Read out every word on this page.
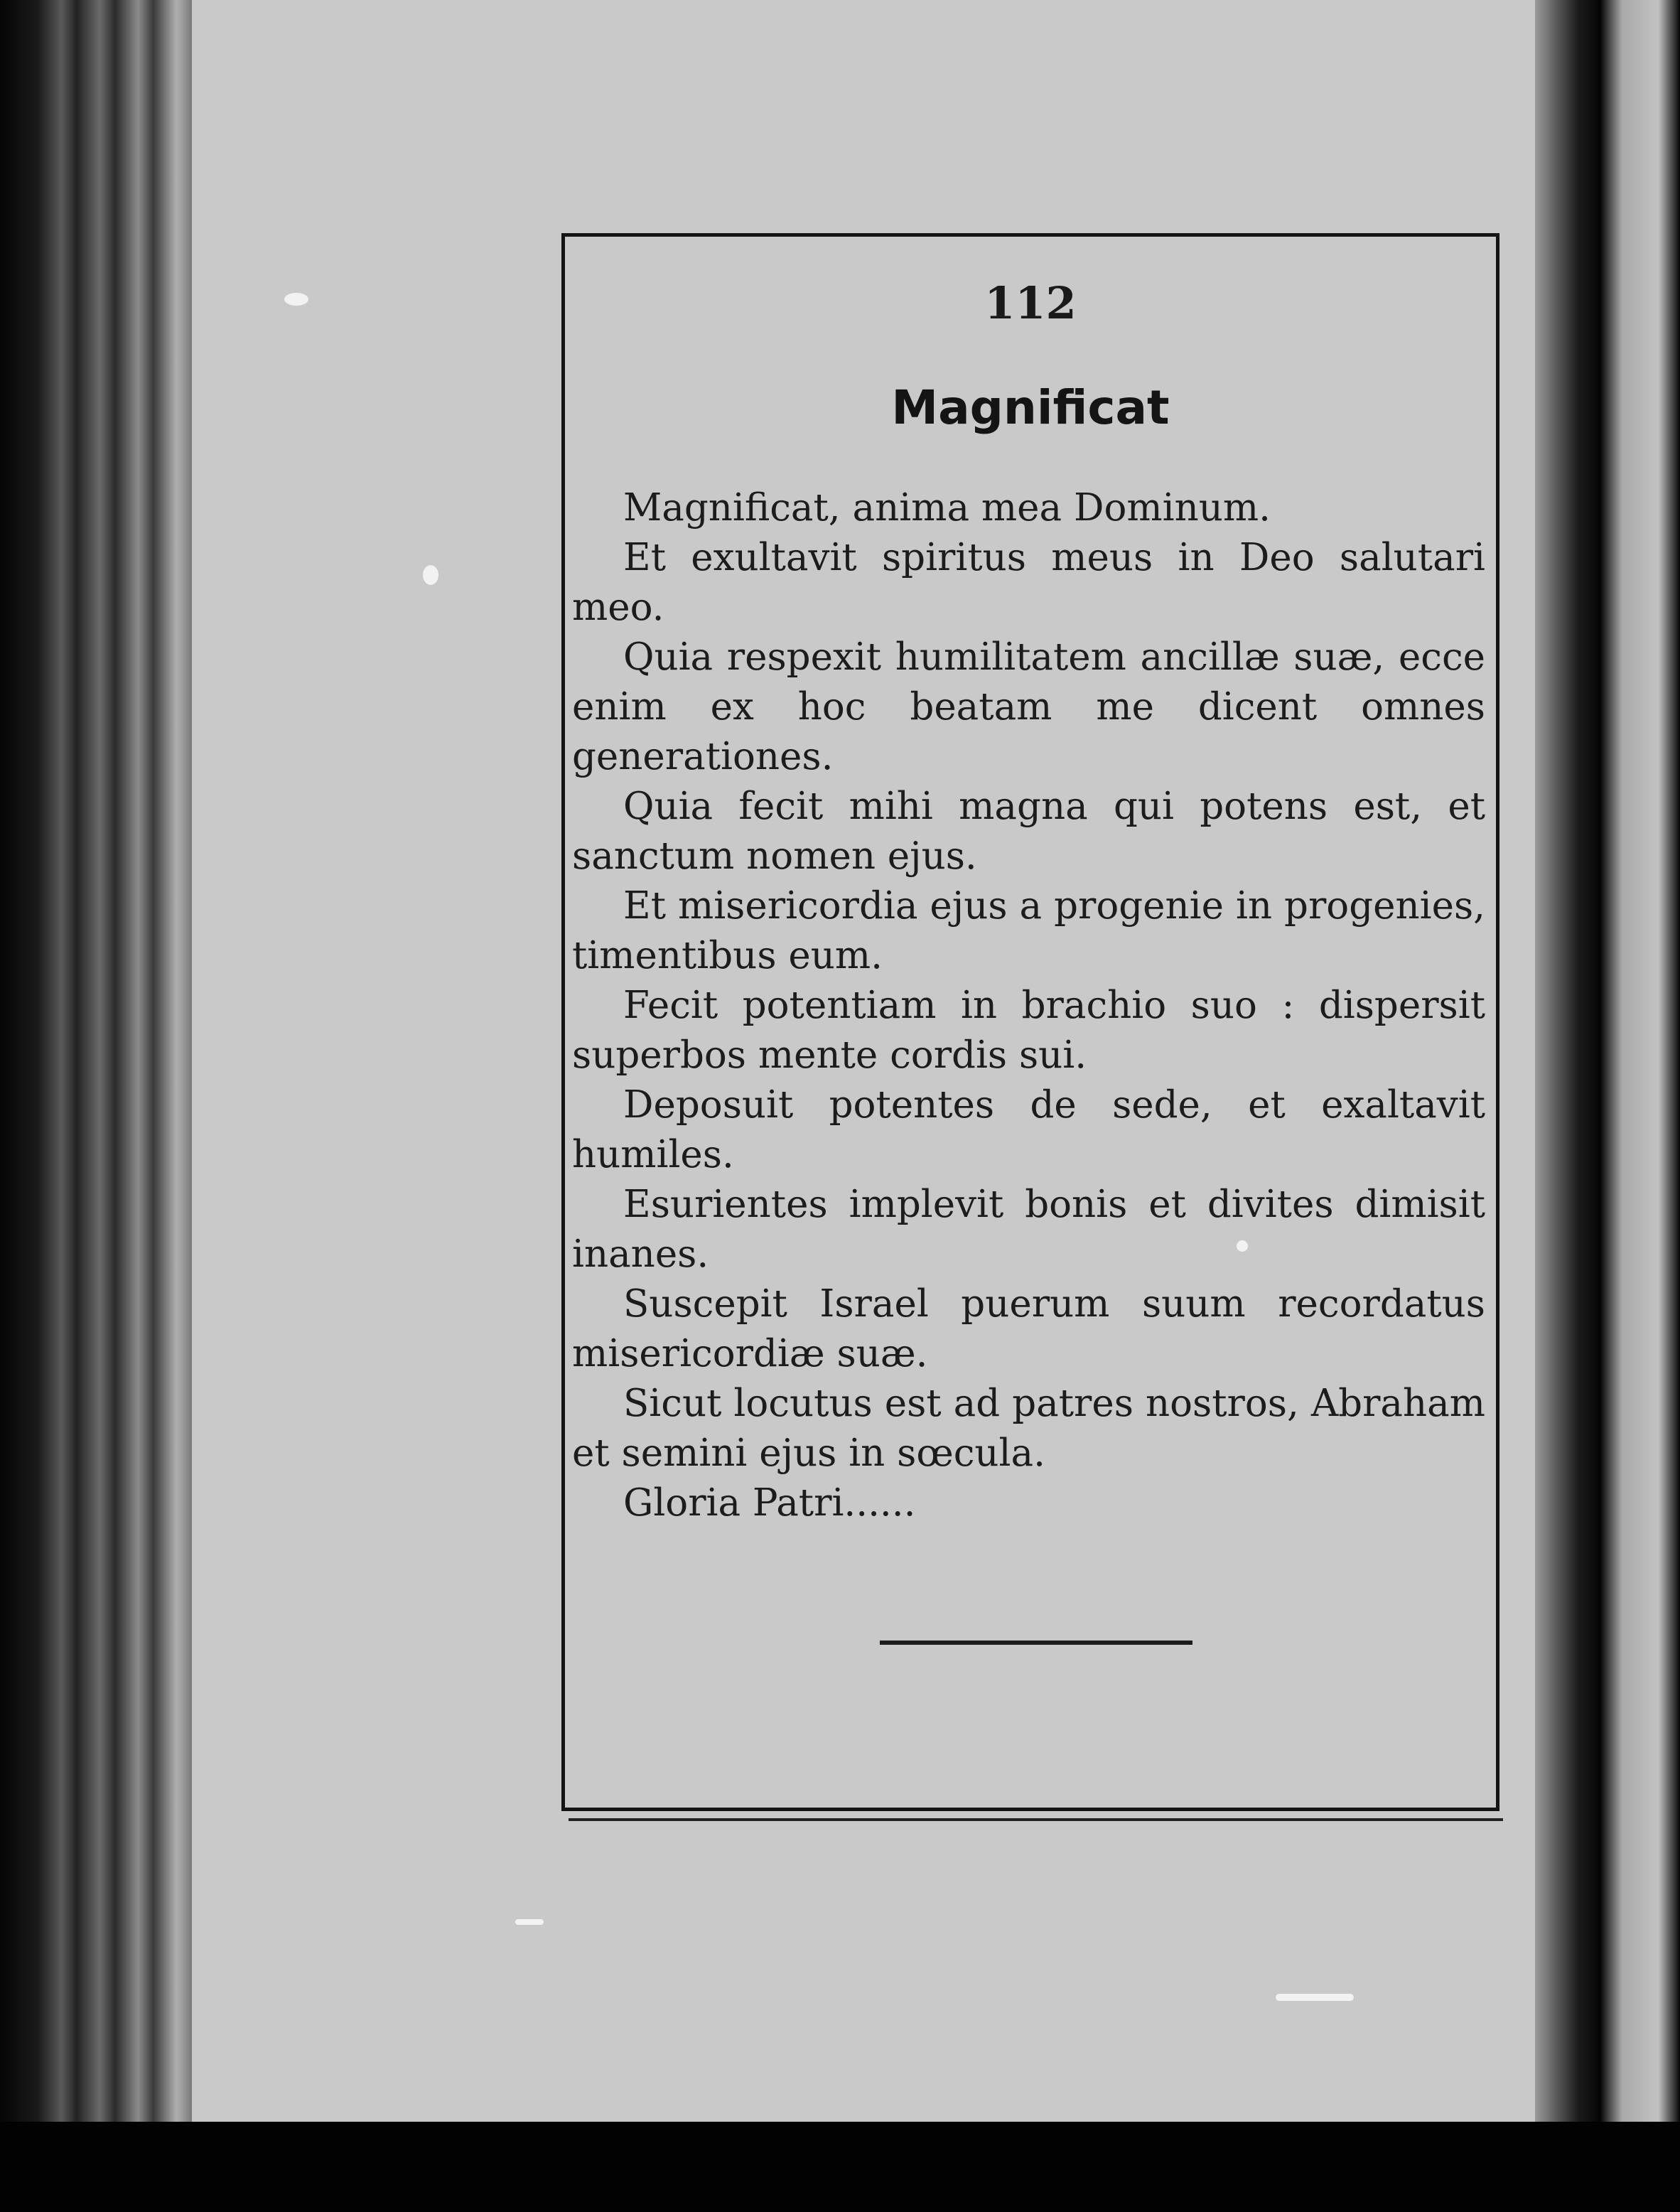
112
Magnificat

Magnificat, anima mea Dominum.

Et exultavit spiritus meus in Deo salutari meo.

Quia respexit humilitatem ancillæ suæ, ecce enim ex hoc beatam me dicent omnes generationes.

Quia fecit mihi magna qui potens est, et sanctum nomen ejus.

Et misericordia ejus a progenie in progenies, timentibus eum.

Fecit potentiam in brachio suo : dispersit superbos mente cordis sui.

Deposuit potentes de sede, et exaltavit humiles.

Esurientes implevit bonis et divites dimisit inanes.

Suscepit Israel puerum suum recordatus misericordiæ suæ.

Sicut locutus est ad patres nostros, Abraham et semini ejus in sœcula.

Gloria Patri......
